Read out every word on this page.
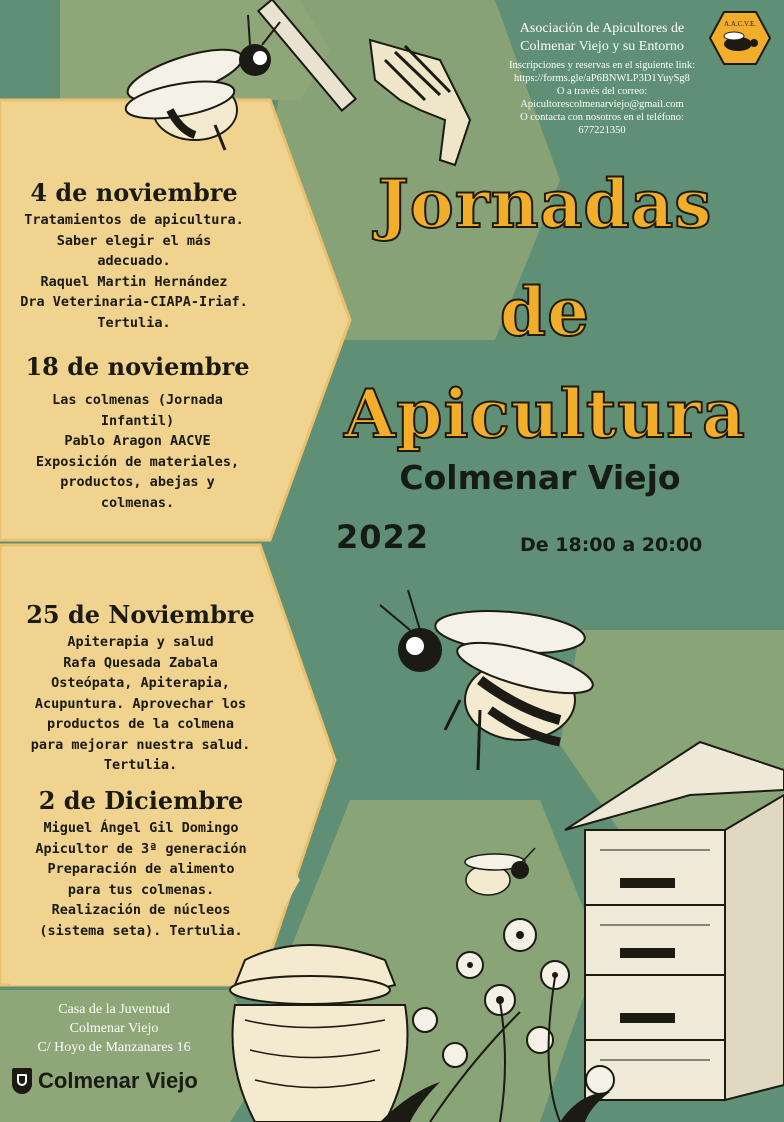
Asociación de Apicultores de
Colmenar Viejo y su Entorno
Inscripciones y reservas en el siguiente link:
https://forms.gle/aP6BNWLP3D1YuySg8
O a través del correo:
Apicultorescolmenarviejo@gmail.com
O contacta con nosotros en el teléfono:
677221350
A.A.C.V.E.
Jornadas
de
Apicultura
Colmenar Viejo
2022	De 18:00 a 20:00
4 de noviembre
Tratamientos de apicultura.
Saber elegir el más
adecuado.
Raquel Martin Hernández
Dra Veterinaria-CIAPA-Iriaf.
Tertulia.
18 de noviembre
Las colmenas (Jornada
Infantil)
Pablo Aragon AACVE
Exposición de materiales,
productos, abejas y
colmenas.
25 de Noviembre
Apiterapia y salud
Rafa Quesada Zabala
Osteópata, Apiterapia,
Acupuntura. Aprovechar los
productos de la colmena
para mejorar nuestra salud.
Tertulia.
2 de Diciembre
Miguel Ángel Gil Domingo
Apicultor de 3ª generación
Preparación de alimento
para tus colmenas.
Realización de núcleos
(sistema seta). Tertulia.
Casa de la Juventud
Colmenar Viejo
C/ Hoyo de Manzanares 16
Colmenar Viejo
